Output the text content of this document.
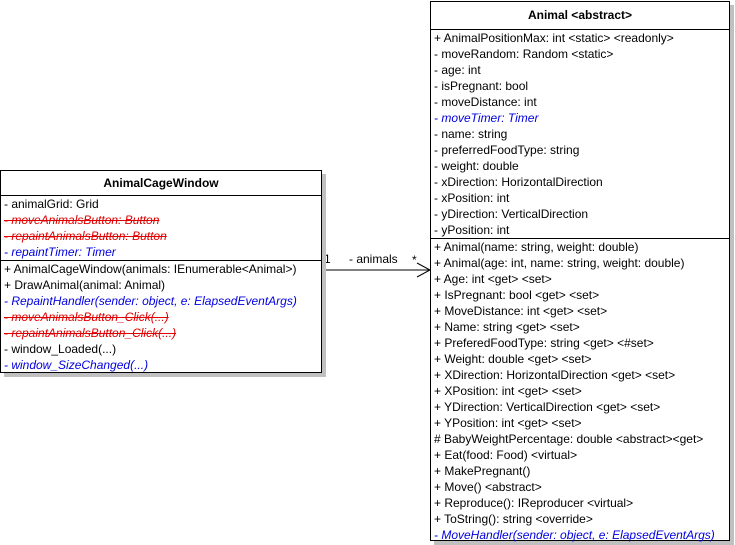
1 - animals *
AnimalCageWindow
- animalGrid: Grid
- moveAnimalsButton: Button
- repaintAnimalsButton: Button
- repaintTimer: Timer
+ AnimalCageWindow(animals: IEnumerable<Animal>)
+ DrawAnimal(animal: Animal)
- RepaintHandler(sender: object, e: ElapsedEventArgs)
- moveAnimalsButton_Click(...)
- repaintAnimalsButton_Click(...)
- window_Loaded(...)
- window_SizeChanged(...)
Animal <abstract>
+ AnimalPositionMax: int <static> <readonly>
- moveRandom: Random <static>
- age: int
- isPregnant: bool
- moveDistance: int
- moveTimer: Timer
- name: string
- preferredFoodType: string
- weight: double
- xDirection: HorizontalDirection
- xPosition: int
- yDirection: VerticalDirection
- yPosition: int
+ Animal(name: string, weight: double)
+ Animal(age: int, name: string, weight: double)
+ Age: int <get> <set>
+ IsPregnant: bool <get> <set>
+ MoveDistance: int <get> <set>
+ Name: string <get> <set>
+ PreferedFoodType: string <get> <#set>
+ Weight: double <get> <set>
+ XDirection: HorizontalDirection <get> <set>
+ XPosition: int <get> <set>
+ YDirection: VerticalDirection <get> <set>
+ YPosition: int <get> <set>
# BabyWeightPercentage: double <abstract><get>
+ Eat(food: Food) <virtual>
+ MakePregnant()
+ Move() <abstract>
+ Reproduce(): IReproducer <virtual>
+ ToString(): string <override>
- MoveHandler(sender: object, e: ElapsedEventArgs)
